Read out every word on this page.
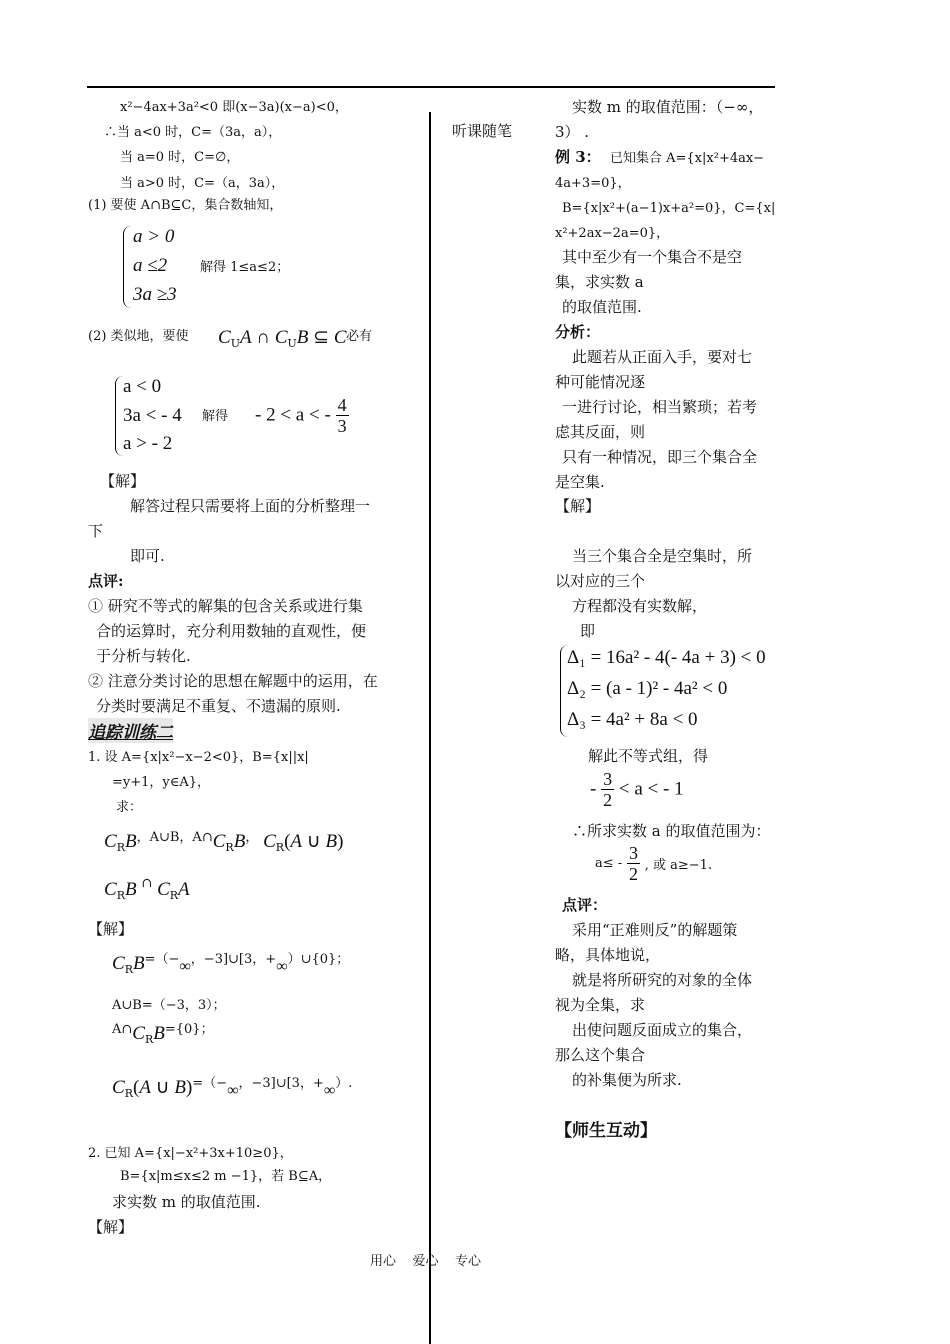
x²−4ax+3a²<0 即(x−3a)(x−a)<0，
∴当 a<0 时，C=（3a，a），
当 a=0 时，C=∅，
当 a>0 时，C=（a，3a），
(1) 要使 A∩B⊆C，集合数轴知，
a > 0
a ≤2
3a ≥3
解得 1≤a≤2；
(2) 类似地，要使 $C_UA$ ∩ $C_UB$ ⊆ C 必有
a < 0
3a < - 4
a > - 2
解得 - 2 < a < - $\frac{4}{3}$
【解】
解答过程只需要将上面的分析整理一
下
即可.
点评:
① 研究不等式的解集的包含关系或进行集
合的运算时，充分利用数轴的直观性，便
于分析与转化.
② 注意分类讨论的思想在解题中的运用，在
分类时要满足不重复、不遗漏的原则.
追踪训练二
1. 设 A={x|x²−x−2<0}，B={x||x|
=y+1，y∈A}，
求：
$C_RB$，A∪B，$A\cap C_RB$， $C_R(A$ ∪ B)
$C_RB$ ∩ $C_RA$
【解】
$C_RB=(-\infty$，−3]∪[3，+∞）∪{0}；
A∪B=（−3，3）；
$A\cap C_RB=\{0\}$；
$C_R(A$ ∪ B)=（−∞，−3]∪[3，+∞）.
2. 已知 A={x|−x²+3x+10≥0}，
B={x|m≤x≤2 m −1}，若 B⊆A，
求实数 m 的取值范围.
【解】
听课随笔
实数 m 的取值范围：（−∞，
3） .
例 3： 已知集合 A={x|x²+4ax−
4a+3=0}，
B={x|x²+(a−1)x+a²=0}，C={x|
x²+2ax−2a=0}，
其中至少有一个集合不是空
集，求实数 a
的取值范围.
分析：
此题若从正面入手，要对七
种可能情况逐
一进行讨论，相当繁琐；若考
虑其反面，则
只有一种情况，即三个集合全
是空集.
【解】
当三个集合全是空集时，所
以对应的三个
方程都没有实数解，
即
Δ₁ = 16a² - 4(- 4a + 3) < 0
Δ₂ = (a - 1)² - 4a² < 0
Δ₃ = 4a² + 8a < 0
解此不等式组，得
- $\frac{3}{2} < a$ < - 1
∴所求实数 a 的取值范围为：
$a\le - \frac{3}{2}$ , 或 a≥−1.
点评：
采用“正难则反”的解题策
略，具体地说，
就是将所研究的对象的全体
视为全集，求
出使问题反面成立的集合，
那么这个集合
的补集便为所求.
【师生互动】
用心    爱心    专心
